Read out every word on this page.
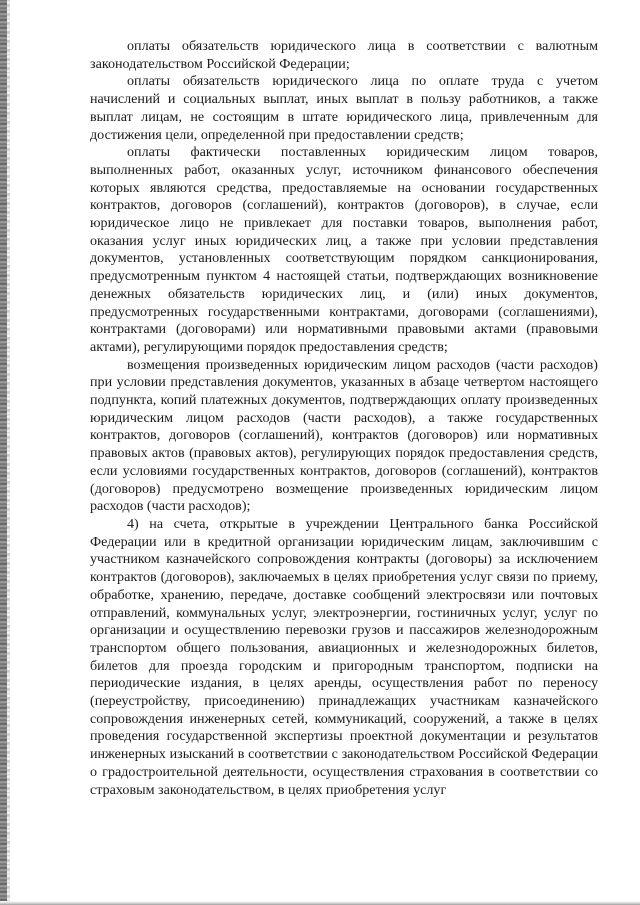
оплаты обязательств юридического лица в соответствии с валютным законодательством Российской Федерации;

оплаты обязательств юридического лица по оплате труда с учетом начислений и социальных выплат, иных выплат в пользу работников, а также выплат лицам, не состоящим в штате юридического лица, привлеченным для достижения цели, определенной при предоставлении средств;

оплаты фактически поставленных юридическим лицом товаров, выполненных работ, оказанных услуг, источником финансового обеспечения которых являются средства, предоставляемые на основании государственных контрактов, договоров (соглашений), контрактов (договоров), в случае, если юридическое лицо не привлекает для поставки товаров, выполнения работ, оказания услуг иных юридических лиц, а также при условии представления документов, установленных соответствующим порядком санкционирования, предусмотренным пунктом 4 настоящей статьи, подтверждающих возникновение денежных обязательств юридических лиц, и (или) иных документов, предусмотренных государственными контрактами, договорами (соглашениями), контрактами (договорами) или нормативными правовыми актами (правовыми актами), регулирующими порядок предоставления средств;

возмещения произведенных юридическим лицом расходов (части расходов) при условии представления документов, указанных в абзаце четвертом настоящего подпункта, копий платежных документов, подтверждающих оплату произведенных юридическим лицом расходов (части расходов), а также государственных контрактов, договоров (соглашений), контрактов (договоров) или нормативных правовых актов (правовых актов), регулирующих порядок предоставления средств, если условиями государственных контрактов, договоров (соглашений), контрактов (договоров) предусмотрено возмещение произведенных юридическим лицом расходов (части расходов);

4) на счета, открытые в учреждении Центрального банка Российской Федерации или в кредитной организации юридическим лицам, заключившим с участником казначейского сопровождения контракты (договоры) за исключением контрактов (договоров), заключаемых в целях приобретения услуг связи по приему, обработке, хранению, передаче, доставке сообщений электросвязи или почтовых отправлений, коммунальных услуг, электроэнергии, гостиничных услуг, услуг по организации и осуществлению перевозки грузов и пассажиров железнодорожным транспортом общего пользования, авиационных и железнодорожных билетов, билетов для проезда городским и пригородным транспортом, подписки на периодические издания, в целях аренды, осуществления работ по переносу (переустройству, присоединению) принадлежащих участникам казначейского сопровождения инженерных сетей, коммуникаций, сооружений, а также в целях проведения государственной экспертизы проектной документации и результатов инженерных изысканий в соответствии с законодательством Российской Федерации о градостроительной деятельности, осуществления страхования в соответствии со страховым законодательством, в целях приобретения услуг
